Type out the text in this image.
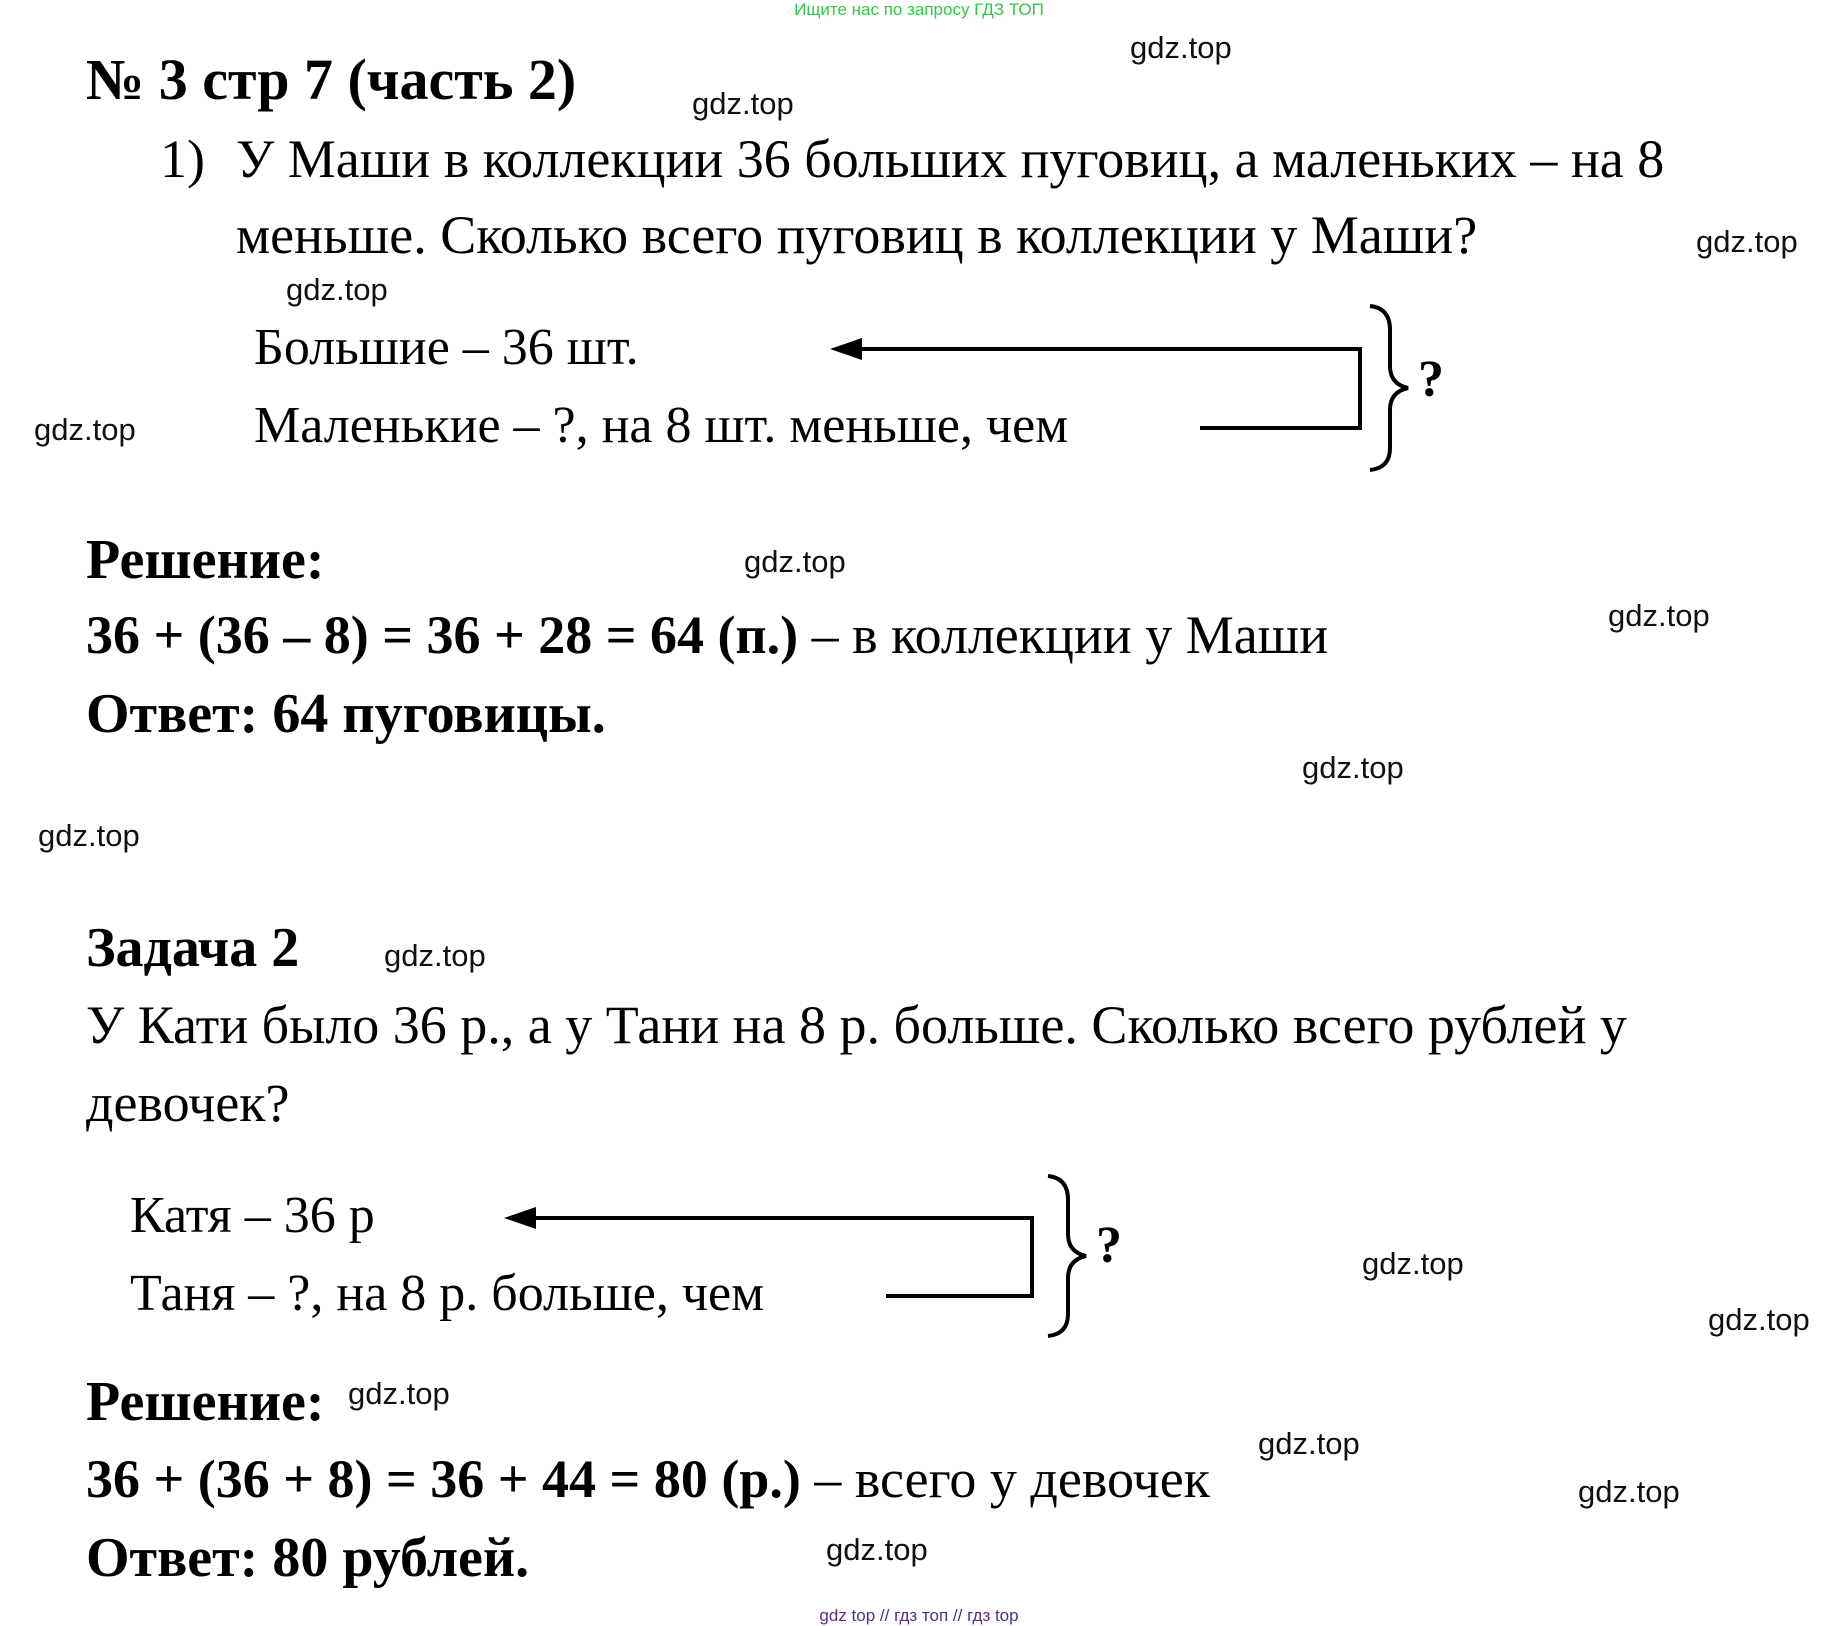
Ищите нас по запросу ГДЗ ТОП
gdz.top
gdz.top
gdz.top
gdz.top
gdz.top
gdz.top
gdz.top
gdz.top
gdz.top
gdz.top
gdz.top
gdz.top
gdz.top
gdz.top
gdz.top
gdz.top
№ 3 стр 7 (часть 2)
1) У Маши в коллекции 36 больших пуговиц, а маленьких – на 8
меньше. Сколько всего пуговиц в коллекции у Маши?
Большие – 36 шт.
Маленькие – ?, на 8 шт. меньше, чем
?
Решение:
36 + (36 – 8) = 36 + 28 = 64 (п.) – в коллекции у Маши
Ответ: 64 пуговицы.
Задача 2
У Кати было 36 р., а у Тани на 8 р. больше. Сколько всего рублей у
девочек?
Катя – 36 р
Таня – ?, на 8 р. больше, чем
?
Решение:
36 + (36 + 8) = 36 + 44 = 80 (р.) – всего у девочек
Ответ: 80 рублей.
gdz top // гдз топ // гдз top
